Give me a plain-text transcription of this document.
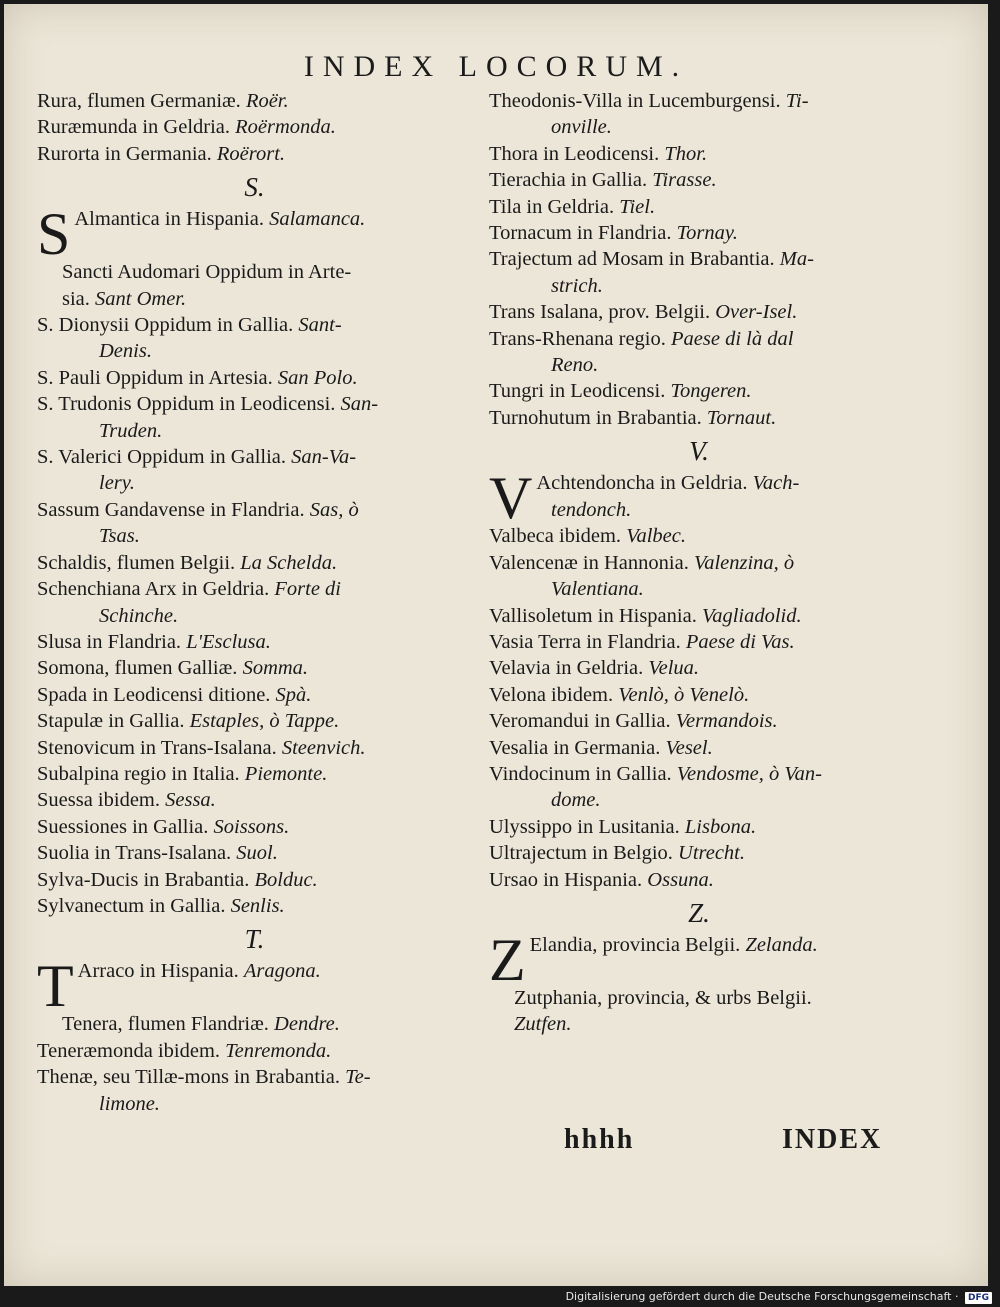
INDEX LOCORUM.
Rura, flumen Germaniæ. Roër.
Ruræmunda in Geldria. Roërmonda.
Rurorta in Germania. Roërort.
S.
S Almantica in Hispania. Salamanca.
Sancti Audomari Oppidum in Arte-
sia. Sant Omer.
S. Dionysii Oppidum in Gallia. Sant-
Denis.
S. Pauli Oppidum in Artesia. San Polo.
S. Trudonis Oppidum in Leodicensi. San-
Truden.
S. Valerici Oppidum in Gallia. San-Va-
lery.
Sassum Gandavense in Flandria. Sas, ò
Tsas.
Schaldis, flumen Belgii. La Schelda.
Schenchiana Arx in Geldria. Forte di
Schinche.
Slusa in Flandria. L'Esclusa.
Somona, flumen Galliæ. Somma.
Spada in Leodicensi ditione. Spà.
Stapulæ in Gallia. Estaples, ò Tappe.
Stenovicum in Trans-Isalana. Steenvich.
Subalpina regio in Italia. Piemonte.
Suessa ibidem. Sessa.
Suessiones in Gallia. Soissons.
Suolia in Trans-Isalana. Suol.
Sylva-Ducis in Brabantia. Bolduc.
Sylvanectum in Gallia. Senlis.
T.
T Arraco in Hispania. Aragona.
Tenera, flumen Flandriæ. Dendre.
Teneræmonda ibidem. Tenremonda.
Thenæ, seu Tillæ-mons in Brabantia. Te-
limone.
Theodonis-Villa in Lucemburgensi. Ti-
onville.
Thora in Leodicensi. Thor.
Tierachia in Gallia. Tirasse.
Tila in Geldria. Tiel.
Tornacum in Flandria. Tornay.
Trajectum ad Mosam in Brabantia. Ma-
strich.
Trans Isalana, prov. Belgii. Over-Isel.
Trans-Rhenana regio. Paese di là dal
Reno.
Tungri in Leodicensi. Tongeren.
Turnohutum in Brabantia. Tornaut.
V.
V Achtendoncha in Geldria. Vach-
tendonch.
Valbeca ibidem. Valbec.
Valencenæ in Hannonia. Valenzina, ò
Valentiana.
Vallisoletum in Hispania. Vagliadolid.
Vasia Terra in Flandria. Paese di Vas.
Velavia in Geldria. Velua.
Velona ibidem. Venlò, ò Venelò.
Veromandui in Gallia. Vermandois.
Vesalia in Germania. Vesel.
Vindocinum in Gallia. Vendosme, ò Van-
dome.
Ulyssippo in Lusitania. Lisbona.
Ultrajectum in Belgio. Utrecht.
Ursao in Hispania. Ossuna.
Z.
Z Elandia, provincia Belgii. Zelanda.
Zutphania, provincia, & urbs Belgii.
Zutfen.
hhhh	INDEX
Digitalisierung gefördert durch die Deutsche Forschungsgemeinschaft · DFG
